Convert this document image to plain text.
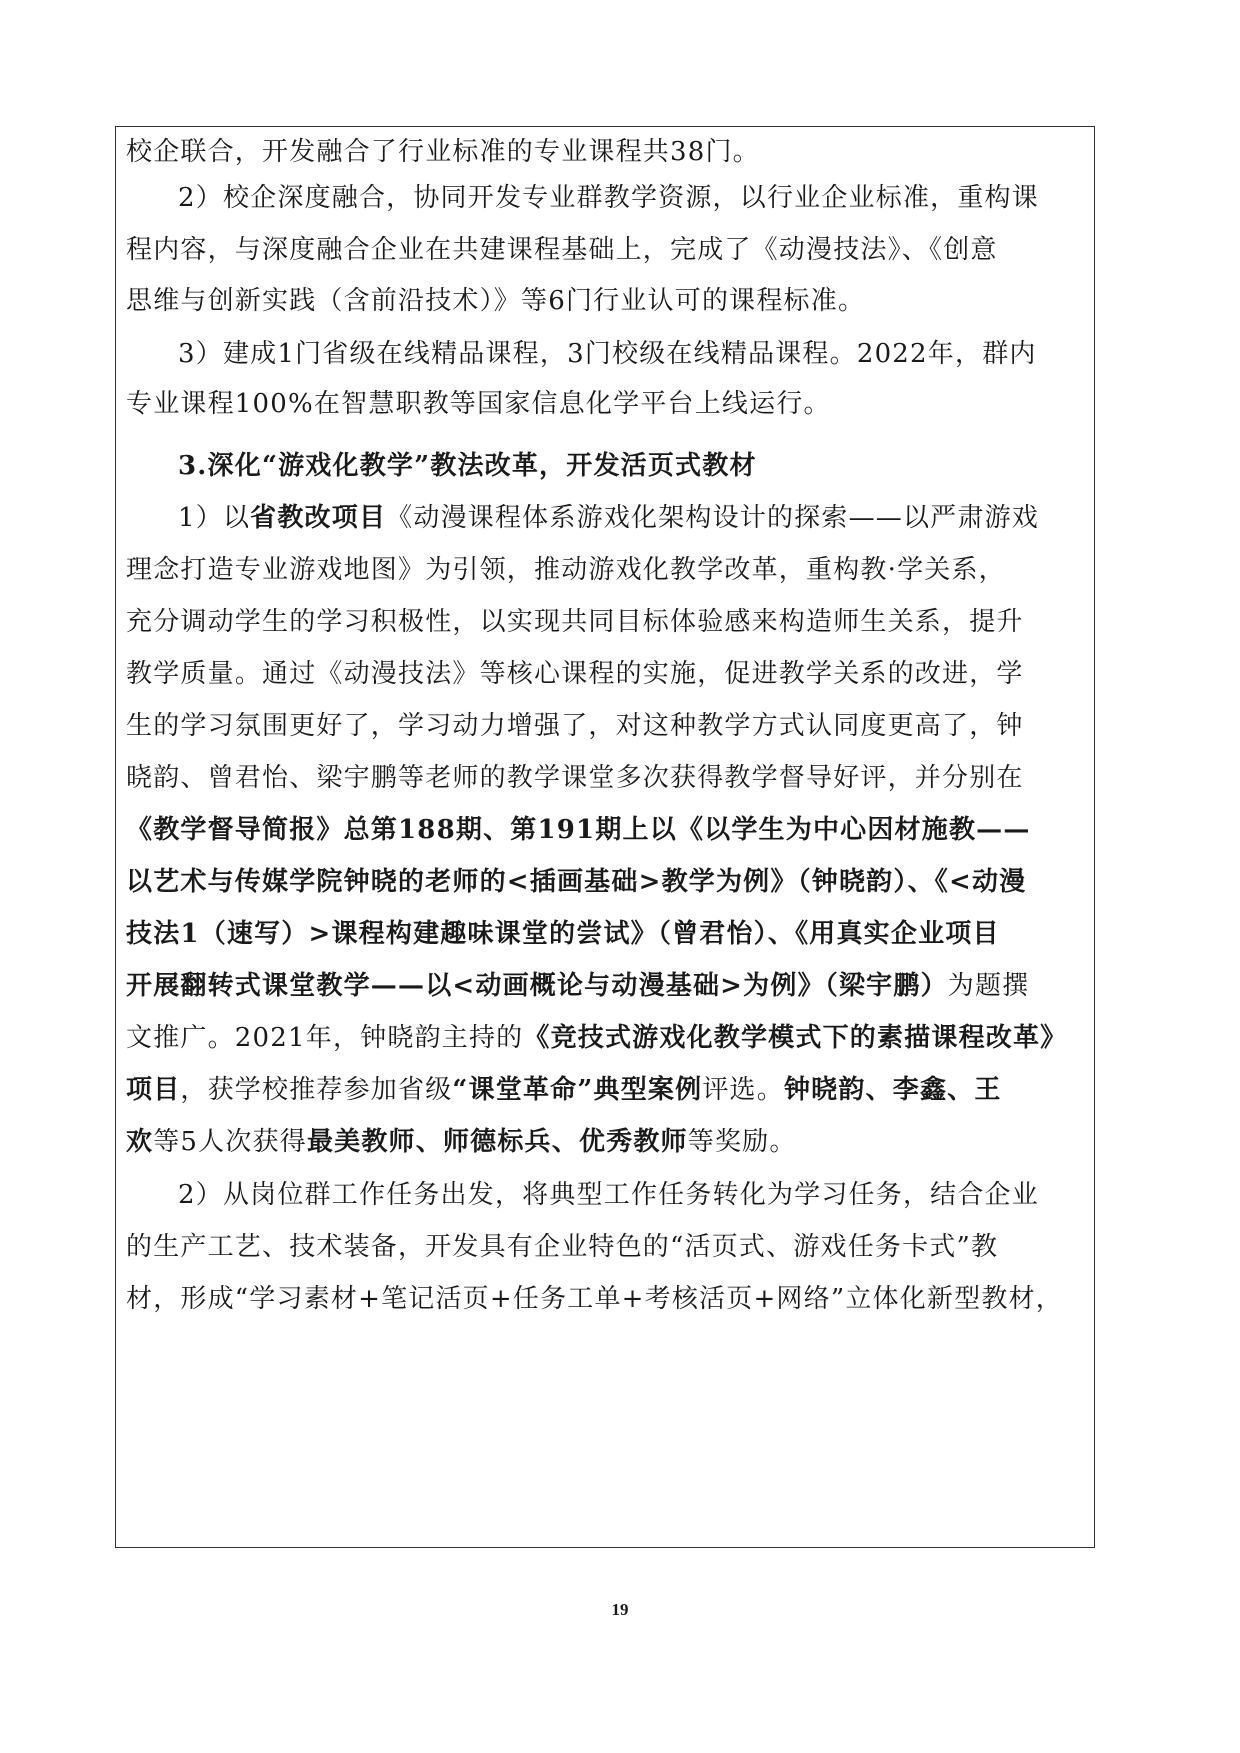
校企联合，开发融合了行业标准的专业课程共38门。
2）校企深度融合，协同开发专业群教学资源，以行业企业标准，重构课
程内容，与深度融合企业在共建课程基础上，完成了《动漫技法》、《创意
思维与创新实践（含前沿技术）》等6门行业认可的课程标准。
3）建成1门省级在线精品课程，3门校级在线精品课程。2022年，群内
专业课程100%在智慧职教等国家信息化学平台上线运行。
3.深化“游戏化教学”教法改革，开发活页式教材
1）以省教改项目《动漫课程体系游戏化架构设计的探索——以严肃游戏
理念打造专业游戏地图》为引领，推动游戏化教学改革，重构教·学关系，
充分调动学生的学习积极性，以实现共同目标体验感来构造师生关系，提升
教学质量。通过《动漫技法》等核心课程的实施，促进教学关系的改进，学
生的学习氛围更好了，学习动力增强了，对这种教学方式认同度更高了，钟
晓韵、曾君怡、梁宇鹏等老师的教学课堂多次获得教学督导好评，并分别在
《教学督导简报》总第188期、第191期上以《以学生为中心因材施教——
以艺术与传媒学院钟晓的老师的<插画基础>教学为例》（钟晓韵）、《<动漫
技法1（速写）>课程构建趣味课堂的尝试》（曾君怡）、《用真实企业项目
开展翻转式课堂教学——以<动画概论与动漫基础>为例》（梁宇鹏）为题撰
文推广。2021年，钟晓韵主持的《竞技式游戏化教学模式下的素描课程改革》
项目，获学校推荐参加省级“课堂革命”典型案例评选。钟晓韵、李鑫、王
欢等5人次获得最美教师、师德标兵、优秀教师等奖励。
2）从岗位群工作任务出发，将典型工作任务转化为学习任务，结合企业
的生产工艺、技术装备，开发具有企业特色的“活页式、游戏任务卡式”教
材，形成“学习素材+笔记活页+任务工单+考核活页+网络”立体化新型教材，
19
